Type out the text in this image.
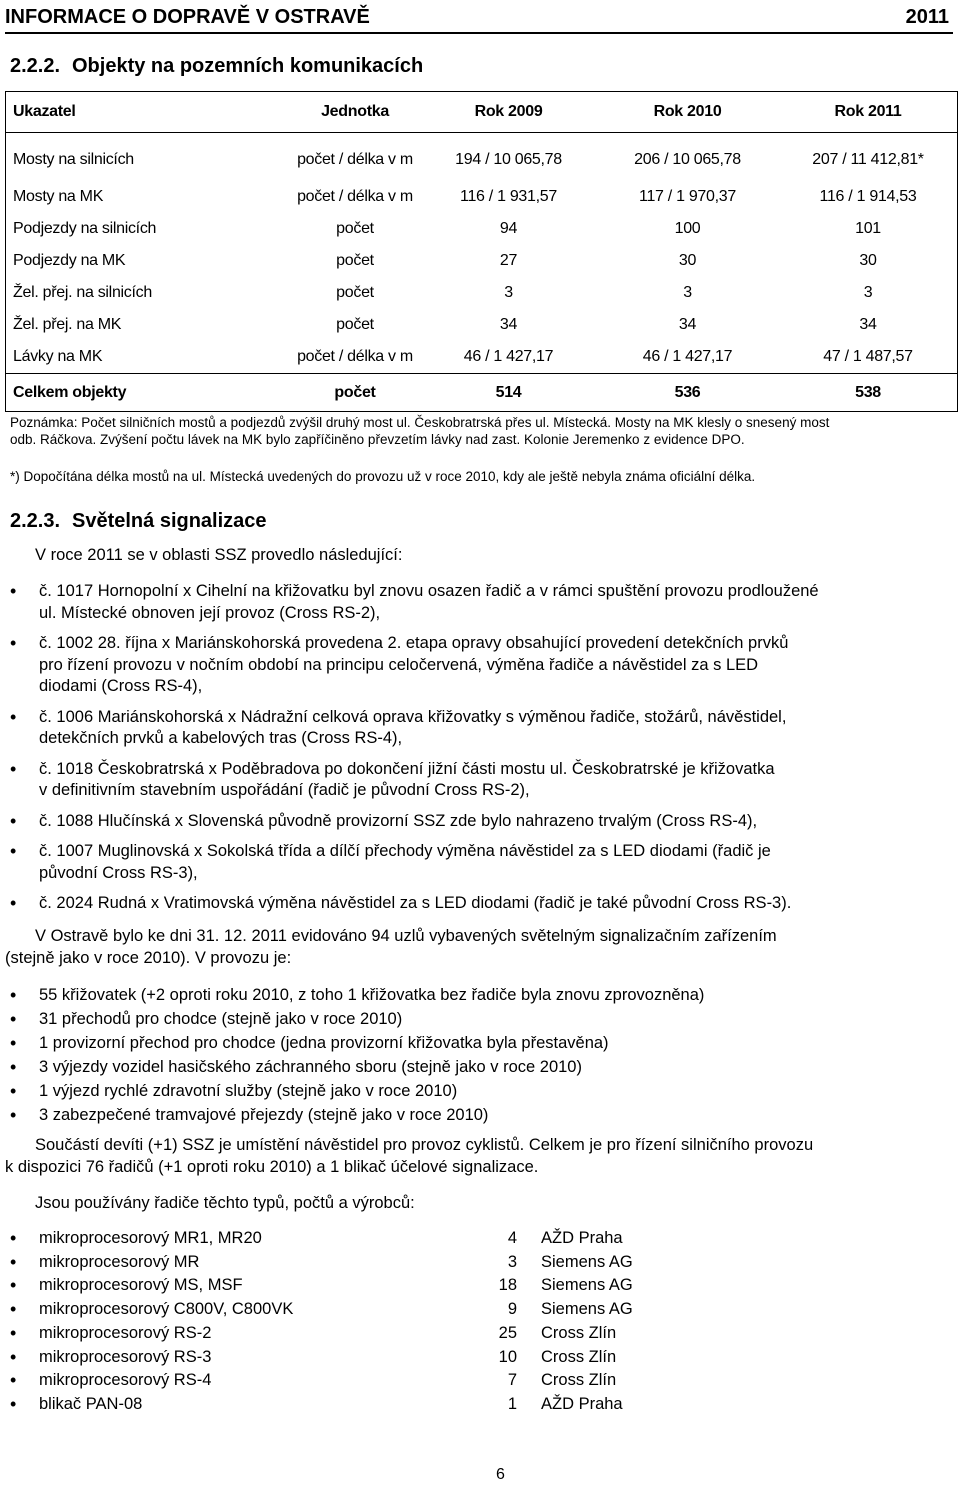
INFORMACE O DOPRAVĚ V OSTRAVĚ	2011
2.2.2. Objekty na pozemních komunikacích
Ukazatel	Jednotka	Rok 2009	Rok 2010	Rok 2011
Mosty na silnicích	počet / délka v m	194 / 10 065,78	206 / 10 065,78	207 / 11 412,81*
Mosty na MK	počet / délka v m	116 / 1 931,57	117 / 1 970,37	116 / 1 914,53
Podjezdy na silnicích	počet	94	100	101
Podjezdy na MK	počet	27	30	30
Žel. přej. na silnicích	počet	3	3	3
Žel. přej. na MK	počet	34	34	34
Lávky na MK	počet / délka v m	46 / 1 427,17	46 / 1 427,17	47 / 1 487,57
Celkem objekty	počet	514	536	538
Poznámka: Počet silničních mostů a podjezdů zvýšil druhý most ul. Českobratrská přes ul. Místecká. Mosty na MK klesly o snesený most
odb. Ráčkova. Zvýšení počtu lávek na MK bylo zapříčiněno převzetím lávky nad zast. Kolonie Jeremenko z evidence DPO.
*) Dopočítána délka mostů na ul. Místecká uvedených do provozu už v roce 2010, kdy ale ještě nebyla známa oficiální délka.
2.2.3. Světelná signalizace
V roce 2011 se v oblasti SSZ provedlo následující:
• č. 1017 Hornopolní x Cihelní na křižovatku byl znovu osazen řadič a v rámci spuštění provozu prodloužené
ul. Místecké obnoven její provoz (Cross RS-2),
• č. 1002 28. října x Mariánskohorská provedena 2. etapa opravy obsahující provedení detekčních prvků
pro řízení provozu v nočním období na principu celočervená, výměna řadiče a návěstidel za s LED
diodami (Cross RS-4),
• č. 1006 Mariánskohorská x Nádražní celková oprava křižovatky s výměnou řadiče, stožárů, návěstidel,
detekčních prvků a kabelových tras (Cross RS-4),
• č. 1018 Českobratrská x Poděbradova po dokončení jižní části mostu ul. Českobratrské je křižovatka
v definitivním stavebním uspořádání (řadič je původní Cross RS-2),
• č. 1088 Hlučínská x Slovenská původně provizorní SSZ zde bylo nahrazeno trvalým (Cross RS-4),
• č. 1007 Muglinovská x Sokolská třída a dílčí přechody výměna návěstidel za s LED diodami (řadič je
původní Cross RS-3),
• č. 2024 Rudná x Vratimovská výměna návěstidel za s LED diodami (řadič je také původní Cross RS-3).
V Ostravě bylo ke dni 31. 12. 2011 evidováno 94 uzlů vybavených světelným signalizačním zařízením
(stejně jako v roce 2010). V provozu je:
• 55 křižovatek (+2 oproti roku 2010, z toho 1 křižovatka bez řadiče byla znovu zprovozněna)
• 31 přechodů pro chodce (stejně jako v roce 2010)
• 1 provizorní přechod pro chodce (jedna provizorní křižovatka byla přestavěna)
• 3 výjezdy vozidel hasičského záchranného sboru (stejně jako v roce 2010)
• 1 výjezd rychlé zdravotní služby (stejně jako v roce 2010)
• 3 zabezpečené tramvajové přejezdy (stejně jako v roce 2010)
Součástí devíti (+1) SSZ je umístění návěstidel pro provoz cyklistů. Celkem je pro řízení silničního provozu
k dispozici 76 řadičů (+1 oproti roku 2010) a 1 blikač účelové signalizace.
Jsou používány řadiče těchto typů, počtů a výrobců:
• mikroprocesorový MR1, MR20	4 AŽD Praha
• mikroprocesorový MR	3 Siemens AG
• mikroprocesorový MS, MSF	18 Siemens AG
• mikroprocesorový C800V, C800VK	9 Siemens AG
• mikroprocesorový RS-2	25 Cross Zlín
• mikroprocesorový RS-3	10 Cross Zlín
• mikroprocesorový RS-4	7 Cross Zlín
• blikač PAN-08	1 AŽD Praha
6
